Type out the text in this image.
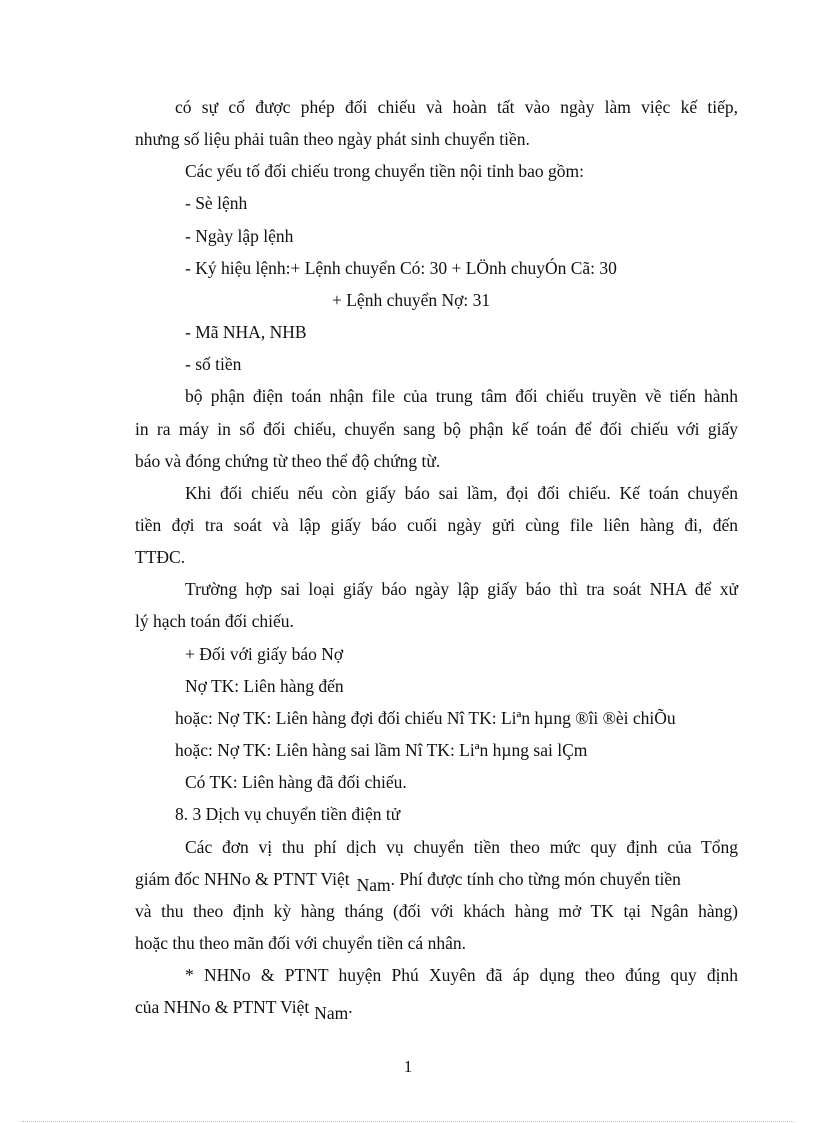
có sự cố được phép đối chiếu và hoàn tất vào ngày làm việc kế tiếp,
nhưng số liệu phải tuân theo ngày phát sinh chuyển tiền.
Các yếu tố đối chiếu trong chuyển tiền nội tỉnh bao gồm:
- Sè lệnh
- Ngày lập lệnh
- Ký hiệu lệnh:+ Lệnh chuyển Có: 30 + LÖnh chuyÓn Cã: 30
+ Lệnh chuyển Nợ: 31
- Mã NHA, NHB
- số tiền
bộ phận điện toán nhận file của trung tâm đối chiếu truyền về tiến hành
in ra máy in sổ đối chiếu, chuyển sang bộ phận kế toán để đối chiếu với giấy
báo và đóng chứng từ theo thể độ chứng từ.
Khi đối chiếu nếu còn giấy báo sai lầm, đọi đối chiếu. Kế toán chuyển
tiền đợi tra soát và lập giấy báo cuối ngày gửi cùng file liên hàng đi, đến
TTĐC.
Trường hợp sai loại giấy báo ngày lập giấy báo thì tra soát NHA để xử
lý hạch toán đối chiếu.
+ Đối với giấy báo Nợ
Nợ TK: Liên hàng đến
hoặc: Nợ TK: Liên hàng đợi đối chiếu Nî TK: Liªn hµng ®îi ®èi chiÕu
hoặc: Nợ TK: Liên hàng sai lầm Nî TK: Liªn hµng sai lÇm
Có TK: Liên hàng đã đối chiếu.
8. 3 Dịch vụ chuyển tiền điện tử
Các đơn vị thu phí dịch vụ chuyển tiền theo mức quy định của Tổng
giám đốc NHNo & PTNT Việt Nam . Phí được tính cho từng món chuyển tiền
và thu theo định kỳ hàng tháng (đối với khách hàng mở TK tại Ngân hàng)
hoặc thu theo mãn đối với chuyển tiền cá nhân.
* NHNo & PTNT huyện Phú Xuyên đã áp dụng theo đúng quy định
của NHNo & PTNT Việt Nam .
1
